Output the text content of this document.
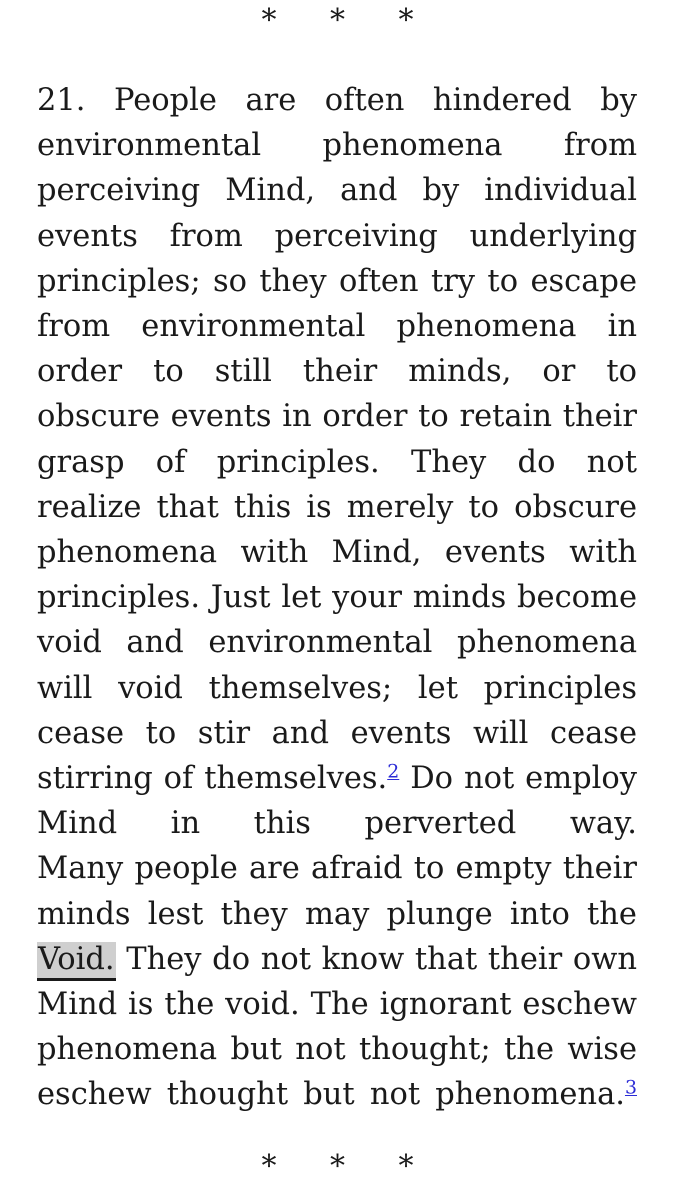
* * *

21. People are often hindered by environmental phenomena from perceiving Mind, and by individual events from perceiving underlying principles; so they often try to escape from environmental phenomena in order to still their minds, or to obscure events in order to retain their grasp of principles. They do not realize that this is merely to obscure phenomena with Mind, events with principles. Just let your minds become void and environmental phenomena will void themselves; let principles cease to stir and events will cease stirring of themselves.$^2$ Do not employ Mind in this perverted way.

Many people are afraid to empty their minds lest they may plunge into the Void. They do not know that their own Mind is the void. The ignorant eschew phenomena but not thought; the wise eschew thought but not phenomena.$^3$

* * *
